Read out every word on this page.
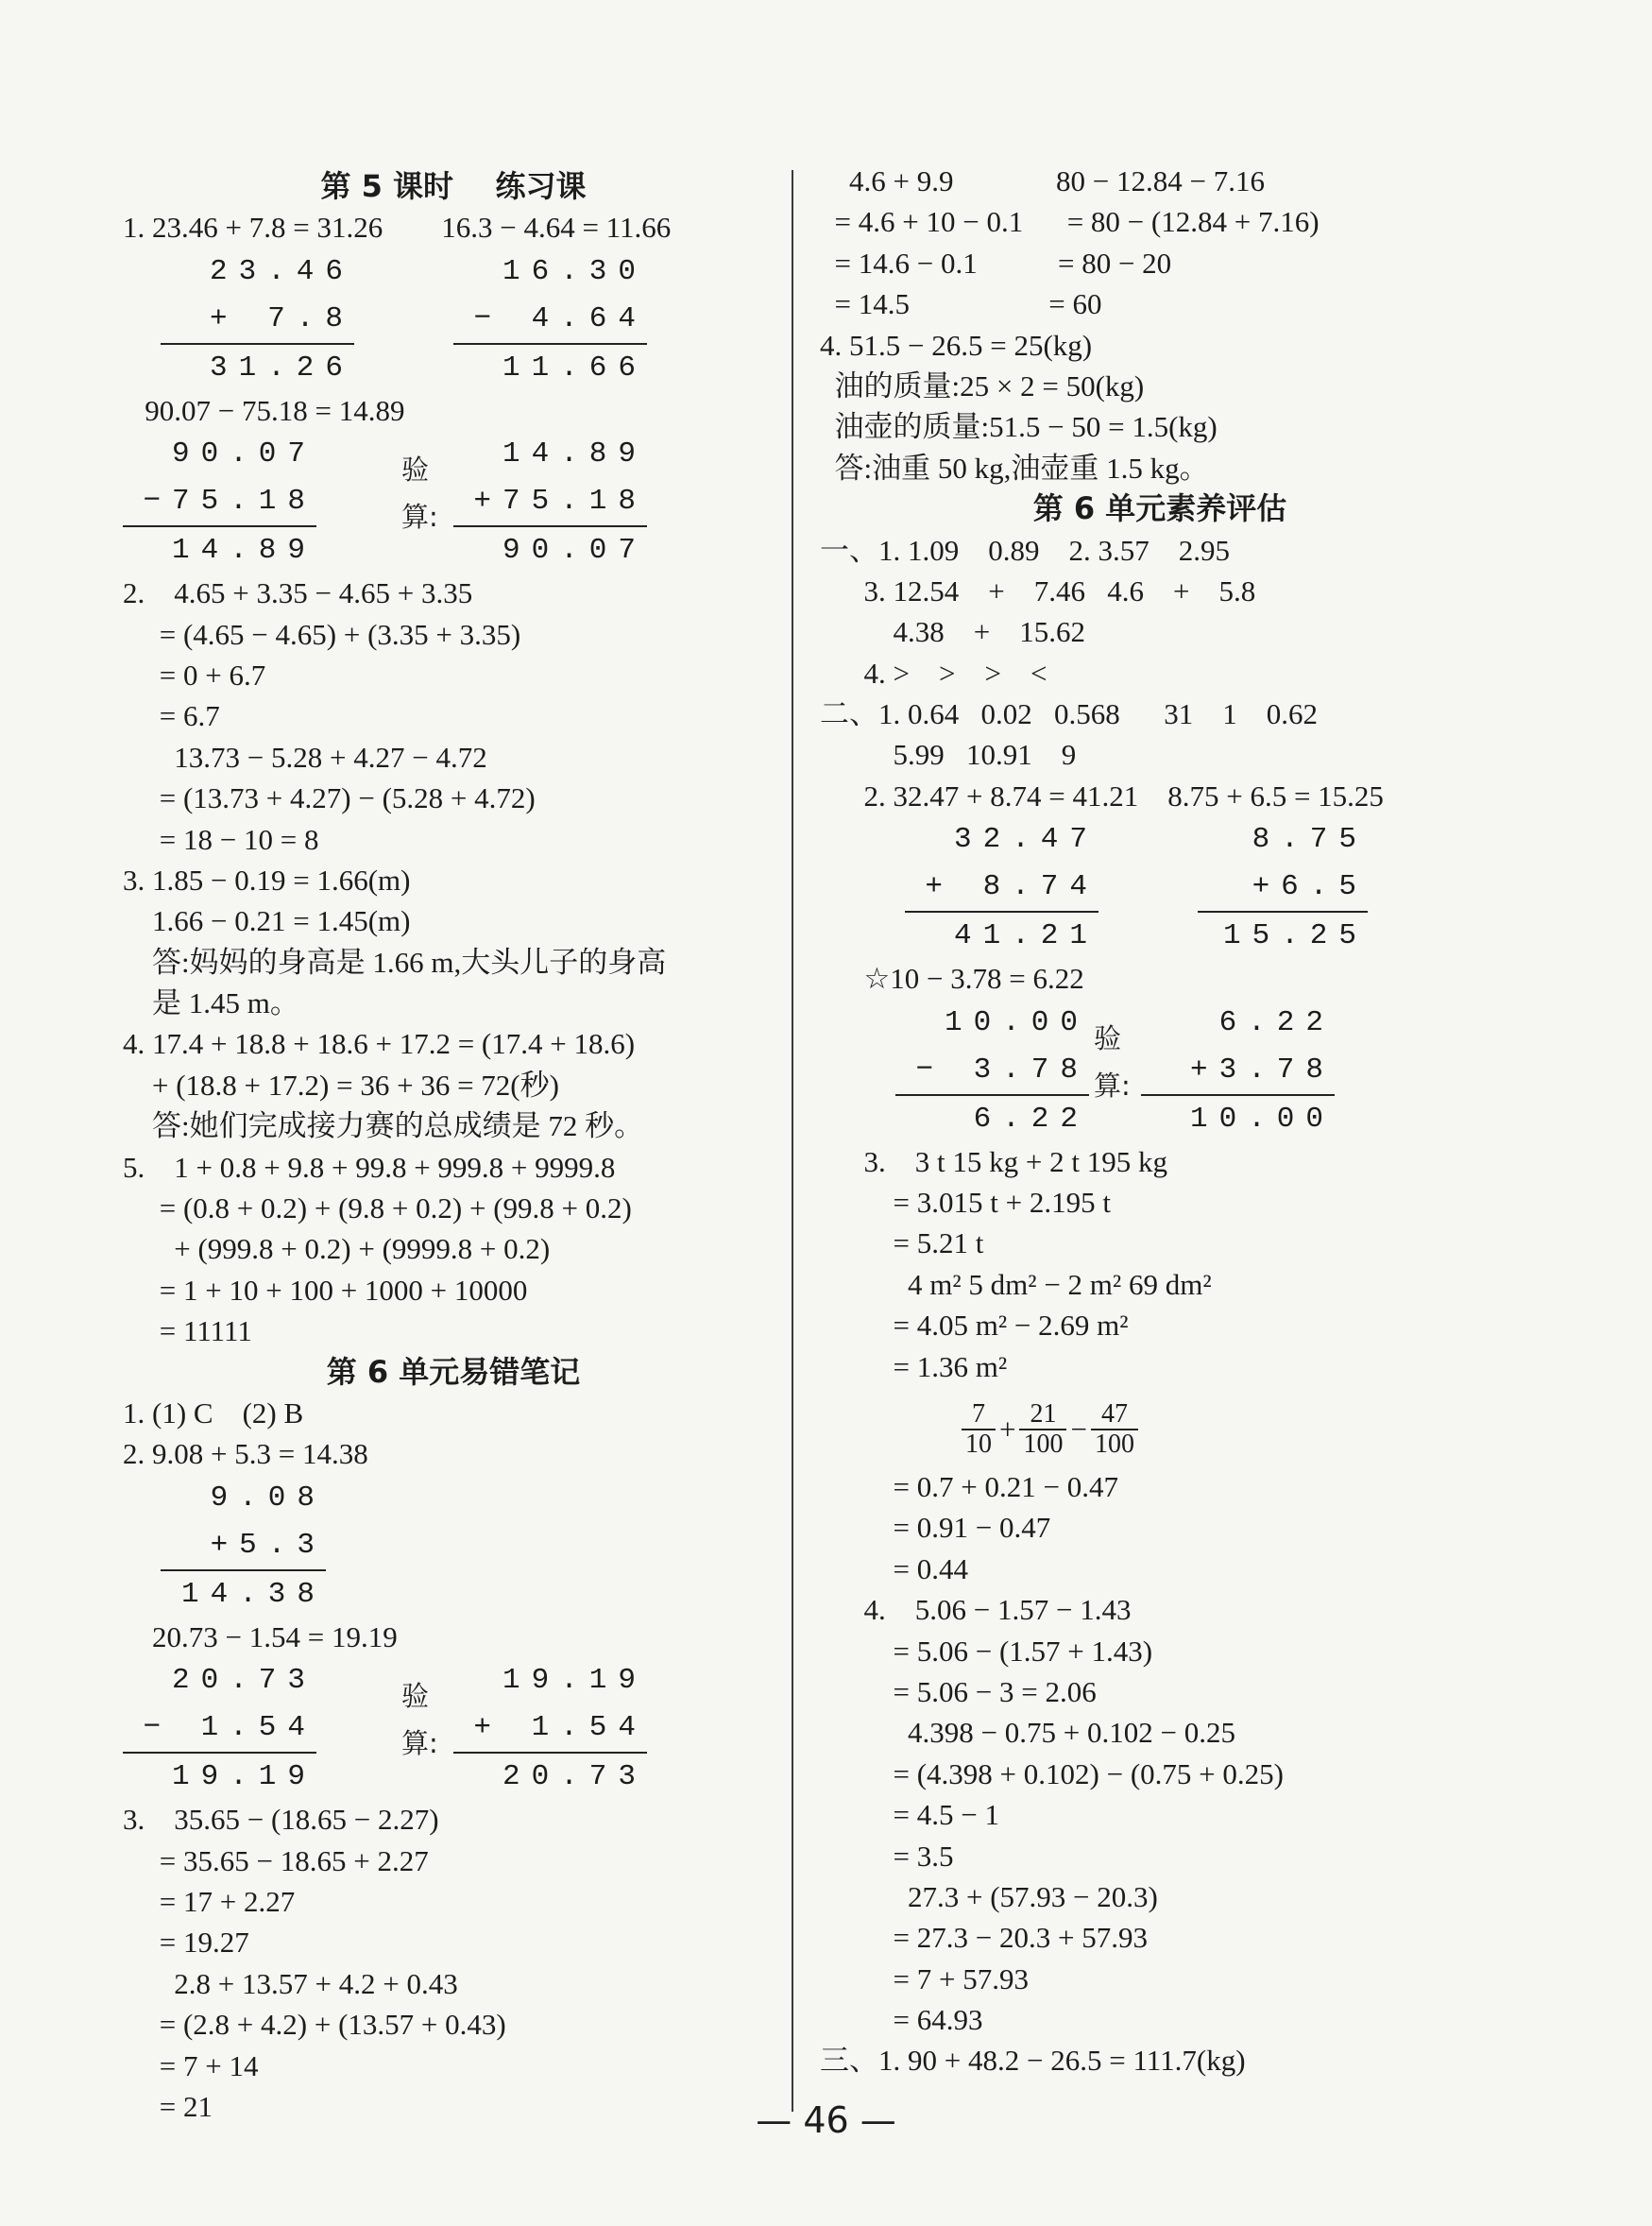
第 5 课时    练习课
1. 23.46 + 7.8 = 31.26        16.3 − 4.64 = 11.66
23.46
+ 7.8
31.26
16.30
− 4.64
11.66
90.07 − 75.18 = 14.89
90.07
−75.18
14.89
验
算:
14.89
+75.18
90.07
2.    4.65 + 3.35 − 4.65 + 3.35
= (4.65 − 4.65) + (3.35 + 3.35)
= 0 + 6.7
= 6.7
13.73 − 5.28 + 4.27 − 4.72
= (13.73 + 4.27) − (5.28 + 4.72)
= 18 − 10 = 8
3. 1.85 − 0.19 = 1.66(m)
1.66 − 0.21 = 1.45(m)
答:妈妈的身高是 1.66 m,大头儿子的身高
是 1.45 m。
4. 17.4 + 18.8 + 18.6 + 17.2 = (17.4 + 18.6)
+ (18.8 + 17.2) = 36 + 36 = 72(秒)
答:她们完成接力赛的总成绩是 72 秒。
5.    1 + 0.8 + 9.8 + 99.8 + 999.8 + 9999.8
= (0.8 + 0.2) + (9.8 + 0.2) + (99.8 + 0.2)
+ (999.8 + 0.2) + (9999.8 + 0.2)
= 1 + 10 + 100 + 1000 + 10000
= 11111
第 6 单元易错笔记
1. (1) C    (2) B
2. 9.08 + 5.3 = 14.38
9.08
+5.3
14.38
20.73 − 1.54 = 19.19
20.73
− 1.54
19.19
验
算:
19.19
+ 1.54
20.73
3.    35.65 − (18.65 − 2.27)
= 35.65 − 18.65 + 2.27
= 17 + 2.27
= 19.27
2.8 + 13.57 + 4.2 + 0.43
= (2.8 + 4.2) + (13.57 + 0.43)
= 7 + 14
= 21
4.6 + 9.9              80 − 12.84 − 7.16
= 4.6 + 10 − 0.1      = 80 − (12.84 + 7.16)
= 14.6 − 0.1           = 80 − 20
= 14.5                   = 60
4. 51.5 − 26.5 = 25(kg)
油的质量:25 × 2 = 50(kg)
油壶的质量:51.5 − 50 = 1.5(kg)
答:油重 50 kg,油壶重 1.5 kg。
第 6 单元素养评估
一、1. 1.09    0.89    2. 3.57    2.95
3. 12.54    +    7.46   4.6    +    5.8
4.38    +    15.62
4. >    >    >    <
二、1. 0.64   0.02   0.568      31    1    0.62
5.99   10.91    9
2. 32.47 + 8.74 = 41.21    8.75 + 6.5 = 15.25
32.47
+ 8.74
41.21
8.75
+6.5
15.25
☆10 − 3.78 = 6.22
10.00
− 3.78
6.22
验
算:
6.22
+3.78
10.00
3.    3 t 15 kg + 2 t 195 kg
= 3.015 t + 2.195 t
= 5.21 t
4 m² 5 dm² − 2 m² 69 dm²
= 4.05 m² − 2.69 m²
= 1.36 m²
$\frac{7}{10} + \frac{21}{100} - \frac{47}{100}$
= 0.7 + 0.21 − 0.47
= 0.91 − 0.47
= 0.44
4.    5.06 − 1.57 − 1.43
= 5.06 − (1.57 + 1.43)
= 5.06 − 3 = 2.06
4.398 − 0.75 + 0.102 − 0.25
= (4.398 + 0.102) − (0.75 + 0.25)
= 4.5 − 1
= 3.5
27.3 + (57.93 − 20.3)
= 27.3 − 20.3 + 57.93
= 7 + 57.93
= 64.93
三、1. 90 + 48.2 − 26.5 = 111.7(kg)
— 46 —
